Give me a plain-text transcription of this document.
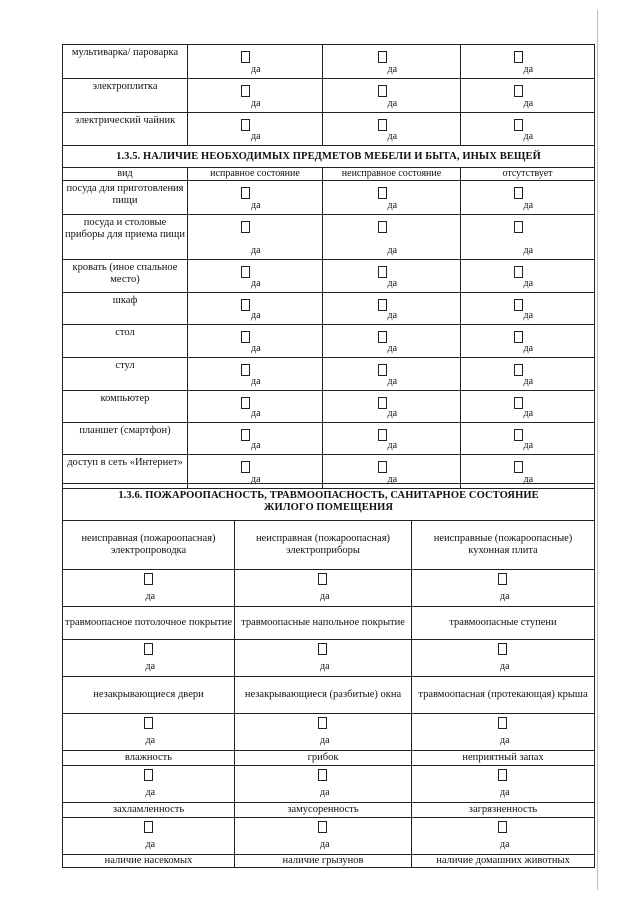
мультиварка/ пароварка	да	да	да

электроплитка	да	да	да

электрический чайник	да	да	да

1.3.5. НАЛИЧИЕ НЕОБХОДИМЫХ ПРЕДМЕТОВ МЕБЕЛИ И БЫТА, ИНЫХ ВЕЩЕЙ			
вид	исправное состояние	неисправное состояние	отсутствует
посуда для приготовления пищи	да	да	да

посуда и столовые приборы для приема пищи	да	да	да

кровать (иное спальное место)	да	да	да

шкаф	да	да	да

стол	да	да	да

стул	да	да	да

компьютер	да	да	да

планшет (смартфон)	да	да	да

доступ в сеть «Интернет»	да	да	да
1.3.6. ПОЖАРООПАСНОСТЬ, ТРАВМООПАСНОСТЬ, САНИТАРНОЕ СОСТОЯНИЕ ЖИЛОГО ПОМЕЩЕНИЯ		
неисправная (пожароопасная) электропроводка	неисправная (пожароопасная) электроприборы	неисправные (пожароопасные) кухонная плита

да	да	да

травмоопасное потолочное покрытие	травмоопасные напольное покрытие	травмоопасные ступени

да	да	да

незакрывающиеся двери	незакрывающиеся (разбитые) окна	травмоопасная (протекающая) крыша

да	да	да

влажность	грибок	неприятный запах

да	да	да

захламленность	замусоренность	загрязненность

да	да	да

наличие насекомых	наличие грызунов	наличие домашних животных
